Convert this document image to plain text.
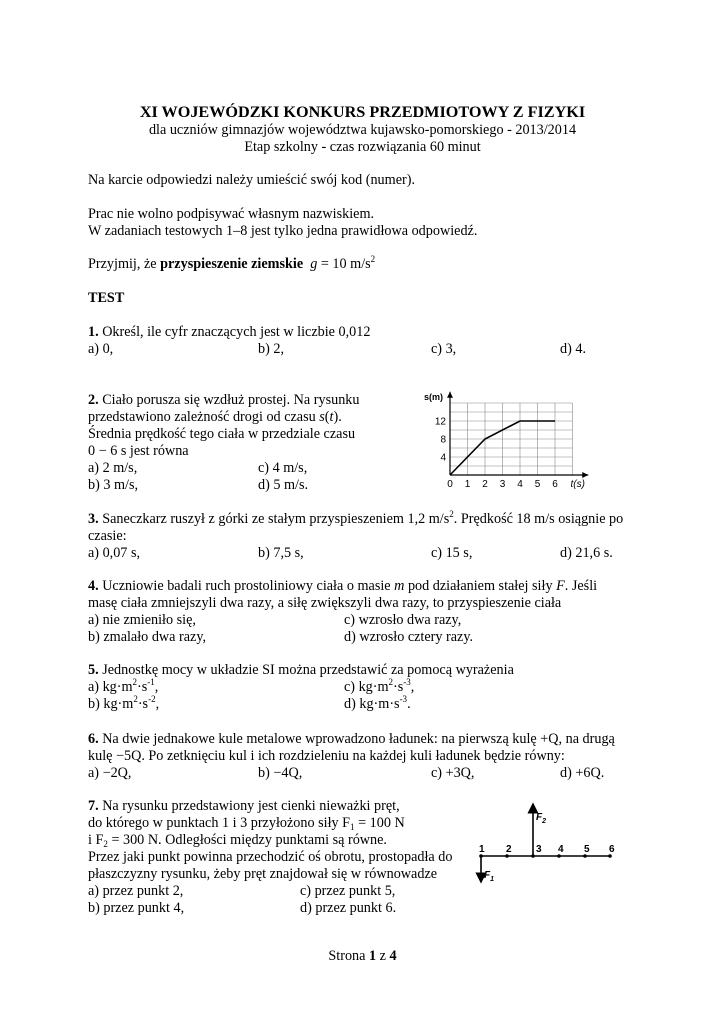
XI WOJEWÓDZKI KONKURS PRZEDMIOTOWY Z FIZYKI
dla uczniów gimnazjów województwa kujawsko-pomorskiego - 2013/2014
Etap szkolny - czas rozwiązania 60 minut
Na karcie odpowiedzi należy umieścić swój kod (numer).
Prac nie wolno podpisywać własnym nazwiskiem.
W zadaniach testowych 1–8 jest tylko jedna prawidłowa odpowiedź.
Przyjmij, że przyspieszenie ziemskie g = 10 $m/s^2$
TEST
1. Określ, ile cyfr znaczących jest w liczbie 0,012
a) 0,	b) 2,	c) 3,	d) 4.
2. Ciało porusza się wzdłuż prostej. Na rysunku
przedstawiono zależność drogi od czasu s(t).
Średnia prędkość tego ciała w przedziale czasu
0 − 6 s jest równa
a) 2 m/s,	c) 4 m/s,
b) 3 m/s,	d) 5 m/s.	0 1 2 3 4 5 6
4
8
12
s(m)
t(s)
3. Saneczkarz ruszył z górki ze stałym przyspieszeniem 1,2 $m/s^2$. Prędkość 18 m/s osiągnie po
czasie:
a) 0,07 s,	b) 7,5 s,	c) 15 s,	d) 21,6 s.
4. Uczniowie badali ruch prostoliniowy ciała o masie m pod działaniem stałej siły F. Jeśli
masę ciała zmniejszyli dwa razy, a siłę zwiększyli dwa razy, to przyspieszenie ciała
a) nie zmieniło się,	c) wzrosło dwa razy,
b) zmalało dwa razy,	d) wzrosło cztery razy.
5. Jednostkę mocy w układzie SI można przedstawić za pomocą wyrażenia
a) $kg\cdot m^2\cdot s^{-1}$,	c) $kg\cdot m^2\cdot s^{-3}$,
b) $kg\cdot m^2\cdot s^{-2}$,	d) $kg\cdot m\cdot s^{-3}$.
6. Na dwie jednakowe kule metalowe wprowadzono ładunek: na pierwszą kulę +Q, na drugą
kulę −5Q. Po zetknięciu kul i ich rozdzieleniu na każdej kuli ładunek będzie równy:
a) −2Q,	b) −4Q,	c) +3Q,	d) +6Q.
7. Na rysunku przedstawiony jest cienki nieważki pręt,
do którego w punktach 1 i 3 przyłożono siły $F_1 = 100$ N
i $F_2 = 300$ N. Odległości między punktami są równe.
Przez jaki punkt powinna przechodzić oś obrotu, prostopadła do
płaszczyzny rysunku, żeby pręt znajdował się w równowadze
a) przez punkt 2,	c) przez punkt 5,
b) przez punkt 4,	d) przez punkt 6.
1 2 3 4 5 6
$F_2$
$F_1$
Strona 1 z 4
